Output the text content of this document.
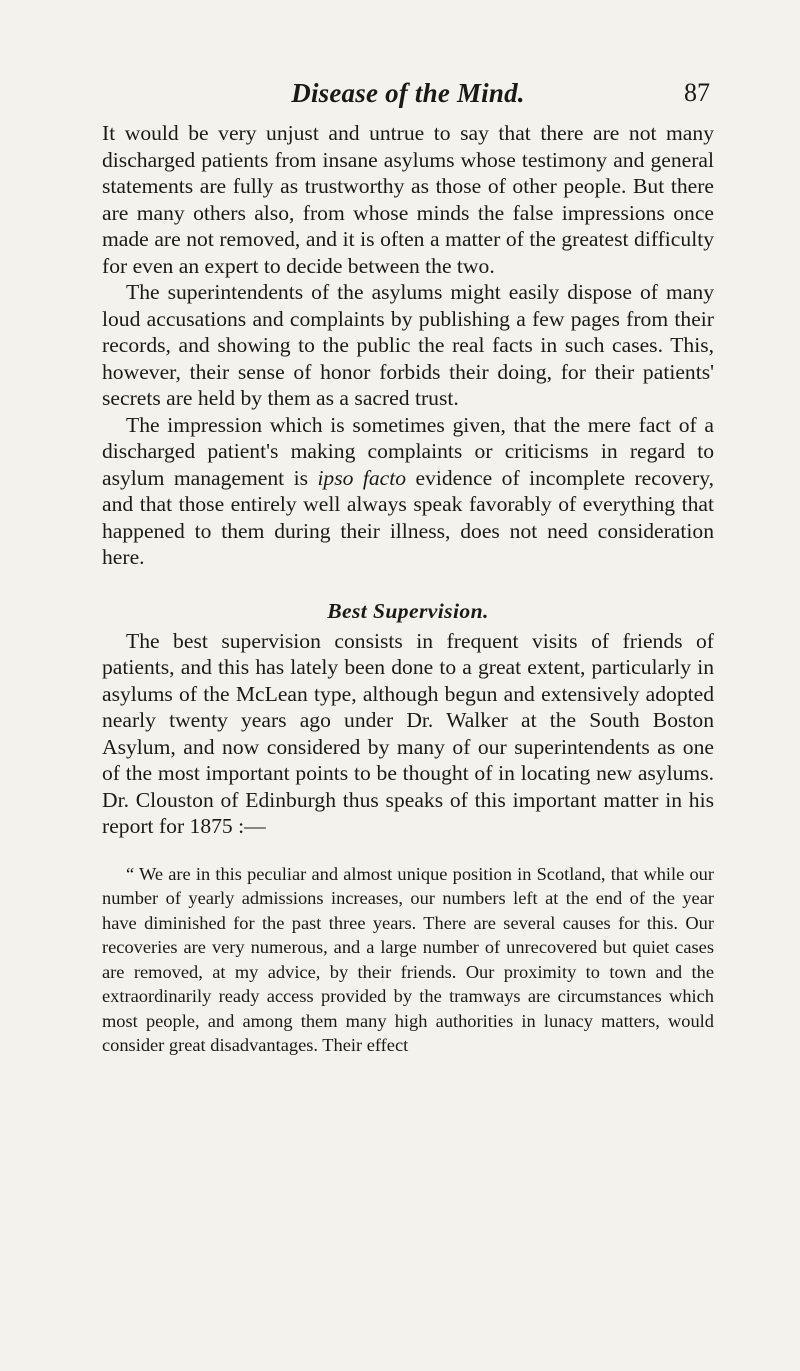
Disease of the Mind.	87

It would be very unjust and untrue to say that there are not many discharged patients from insane asylums whose testimony and general statements are fully as trustworthy as those of other people. But there are many others also, from whose minds the false impressions once made are not removed, and it is often a matter of the greatest difficulty for even an expert to decide between the two.

The superintendents of the asylums might easily dispose of many loud accusations and complaints by publishing a few pages from their records, and showing to the public the real facts in such cases. This, however, their sense of honor forbids their doing, for their patients' secrets are held by them as a sacred trust.

The impression which is sometimes given, that the mere fact of a discharged patient's making complaints or criticisms in regard to asylum management is ipso facto evidence of incomplete recovery, and that those entirely well always speak favorably of everything that happened to them during their illness, does not need consideration here.

Best Supervision.

The best supervision consists in frequent visits of friends of patients, and this has lately been done to a great extent, particularly in asylums of the McLean type, although begun and extensively adopted nearly twenty years ago under Dr. Walker at the South Boston Asylum, and now considered by many of our superintendents as one of the most important points to be thought of in locating new asylums. Dr. Clouston of Edinburgh thus speaks of this important matter in his report for 1875 :—

“ We are in this peculiar and almost unique position in Scotland, that while our number of yearly admissions increases, our numbers left at the end of the year have diminished for the past three years. There are several causes for this. Our recoveries are very numerous, and a large number of unrecovered but quiet cases are removed, at my advice, by their friends. Our proximity to town and the extraordinarily ready access provided by the tramways are circumstances which most people, and among them many high authorities in lunacy matters, would consider great disadvantages. Their effect
